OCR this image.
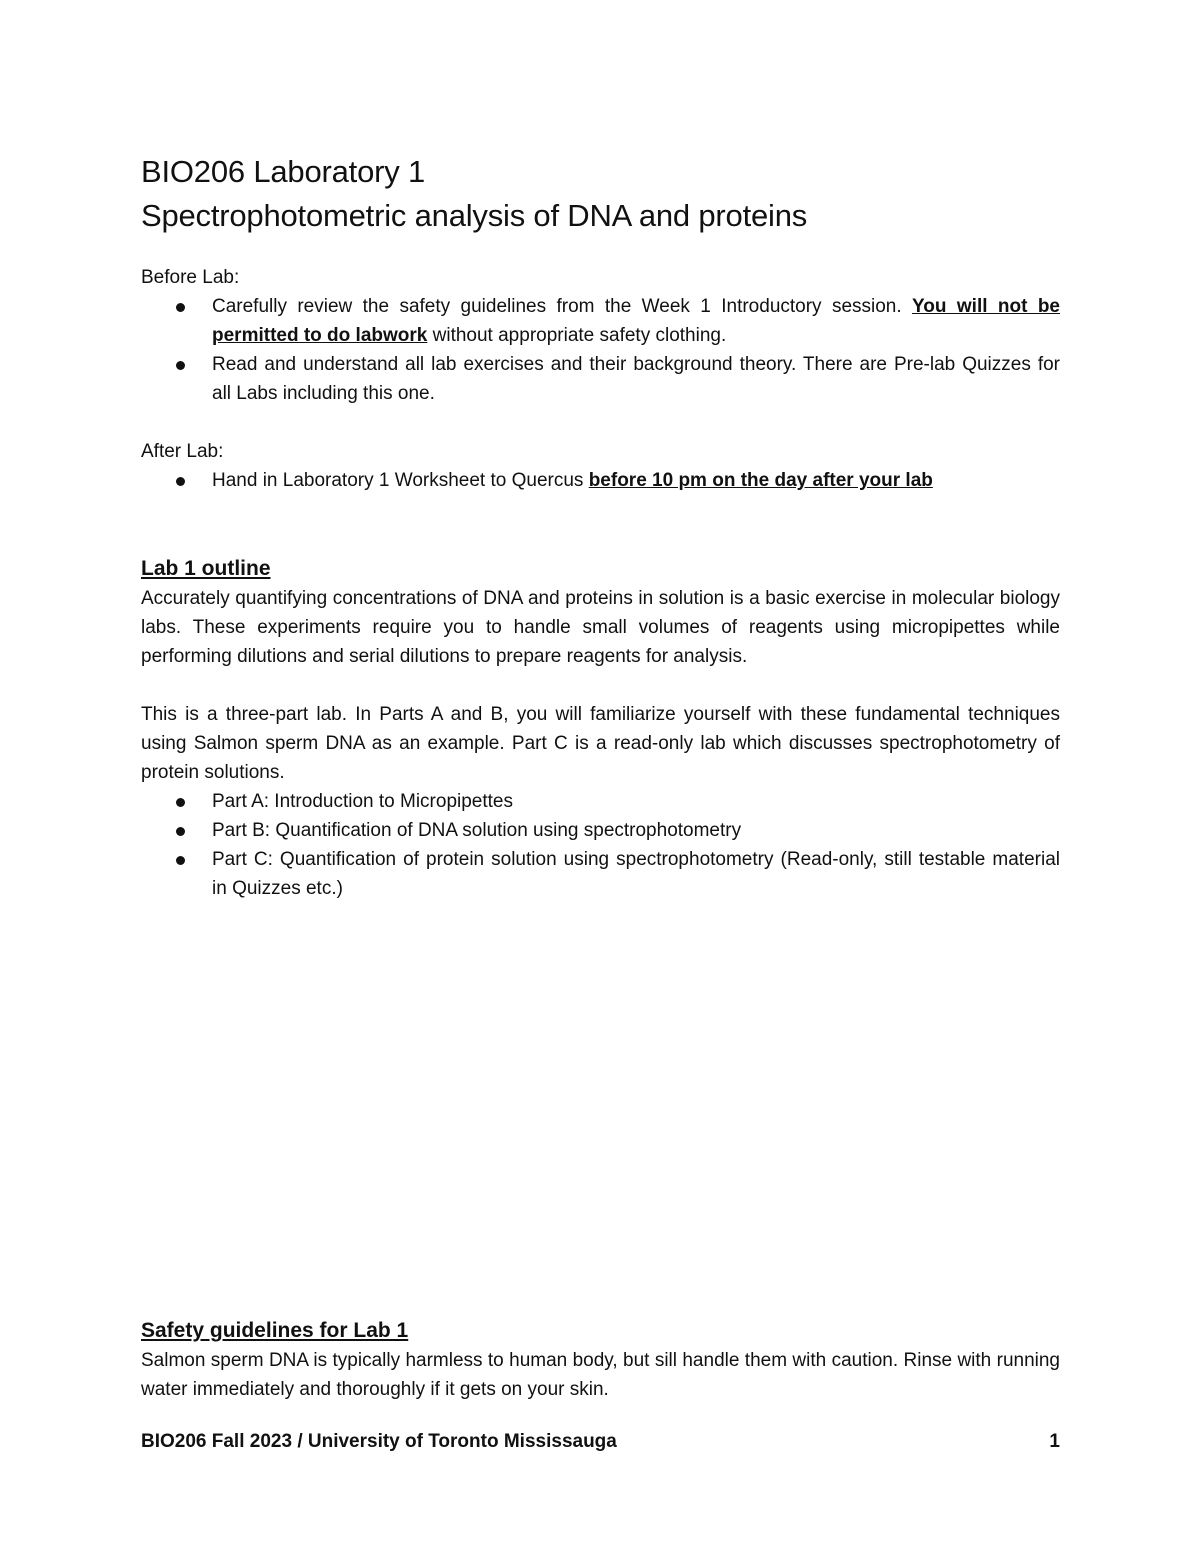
BIO206 Laboratory 1
Spectrophotometric analysis of DNA and proteins

Before Lab:

Carefully review the safety guidelines from the Week 1 Introductory session. You will not be permitted to do labwork without appropriate safety clothing.
Read and understand all lab exercises and their background theory. There are Pre-lab Quizzes for all Labs including this one.

After Lab:

Hand in Laboratory 1 Worksheet to Quercus before 10 pm on the day after your lab

Lab 1 outline

Accurately quantifying concentrations of DNA and proteins in solution is a basic exercise in molecular biology labs. These experiments require you to handle small volumes of reagents using micropipettes while performing dilutions and serial dilutions to prepare reagents for analysis.

This is a three-part lab. In Parts A and B, you will familiarize yourself with these fundamental techniques using Salmon sperm DNA as an example. Part C is a read-only lab which discusses spectrophotometry of protein solutions.

Part A: Introduction to Micropipettes
Part B: Quantification of DNA solution using spectrophotometry
Part C: Quantification of protein solution using spectrophotometry (Read-only, still testable material in Quizzes etc.)

Safety guidelines for Lab 1

Salmon sperm DNA is typically harmless to human body, but sill handle them with caution. Rinse with running water immediately and thoroughly if it gets on your skin.

BIO206 Fall 2023 / University of Toronto Mississauga	1
